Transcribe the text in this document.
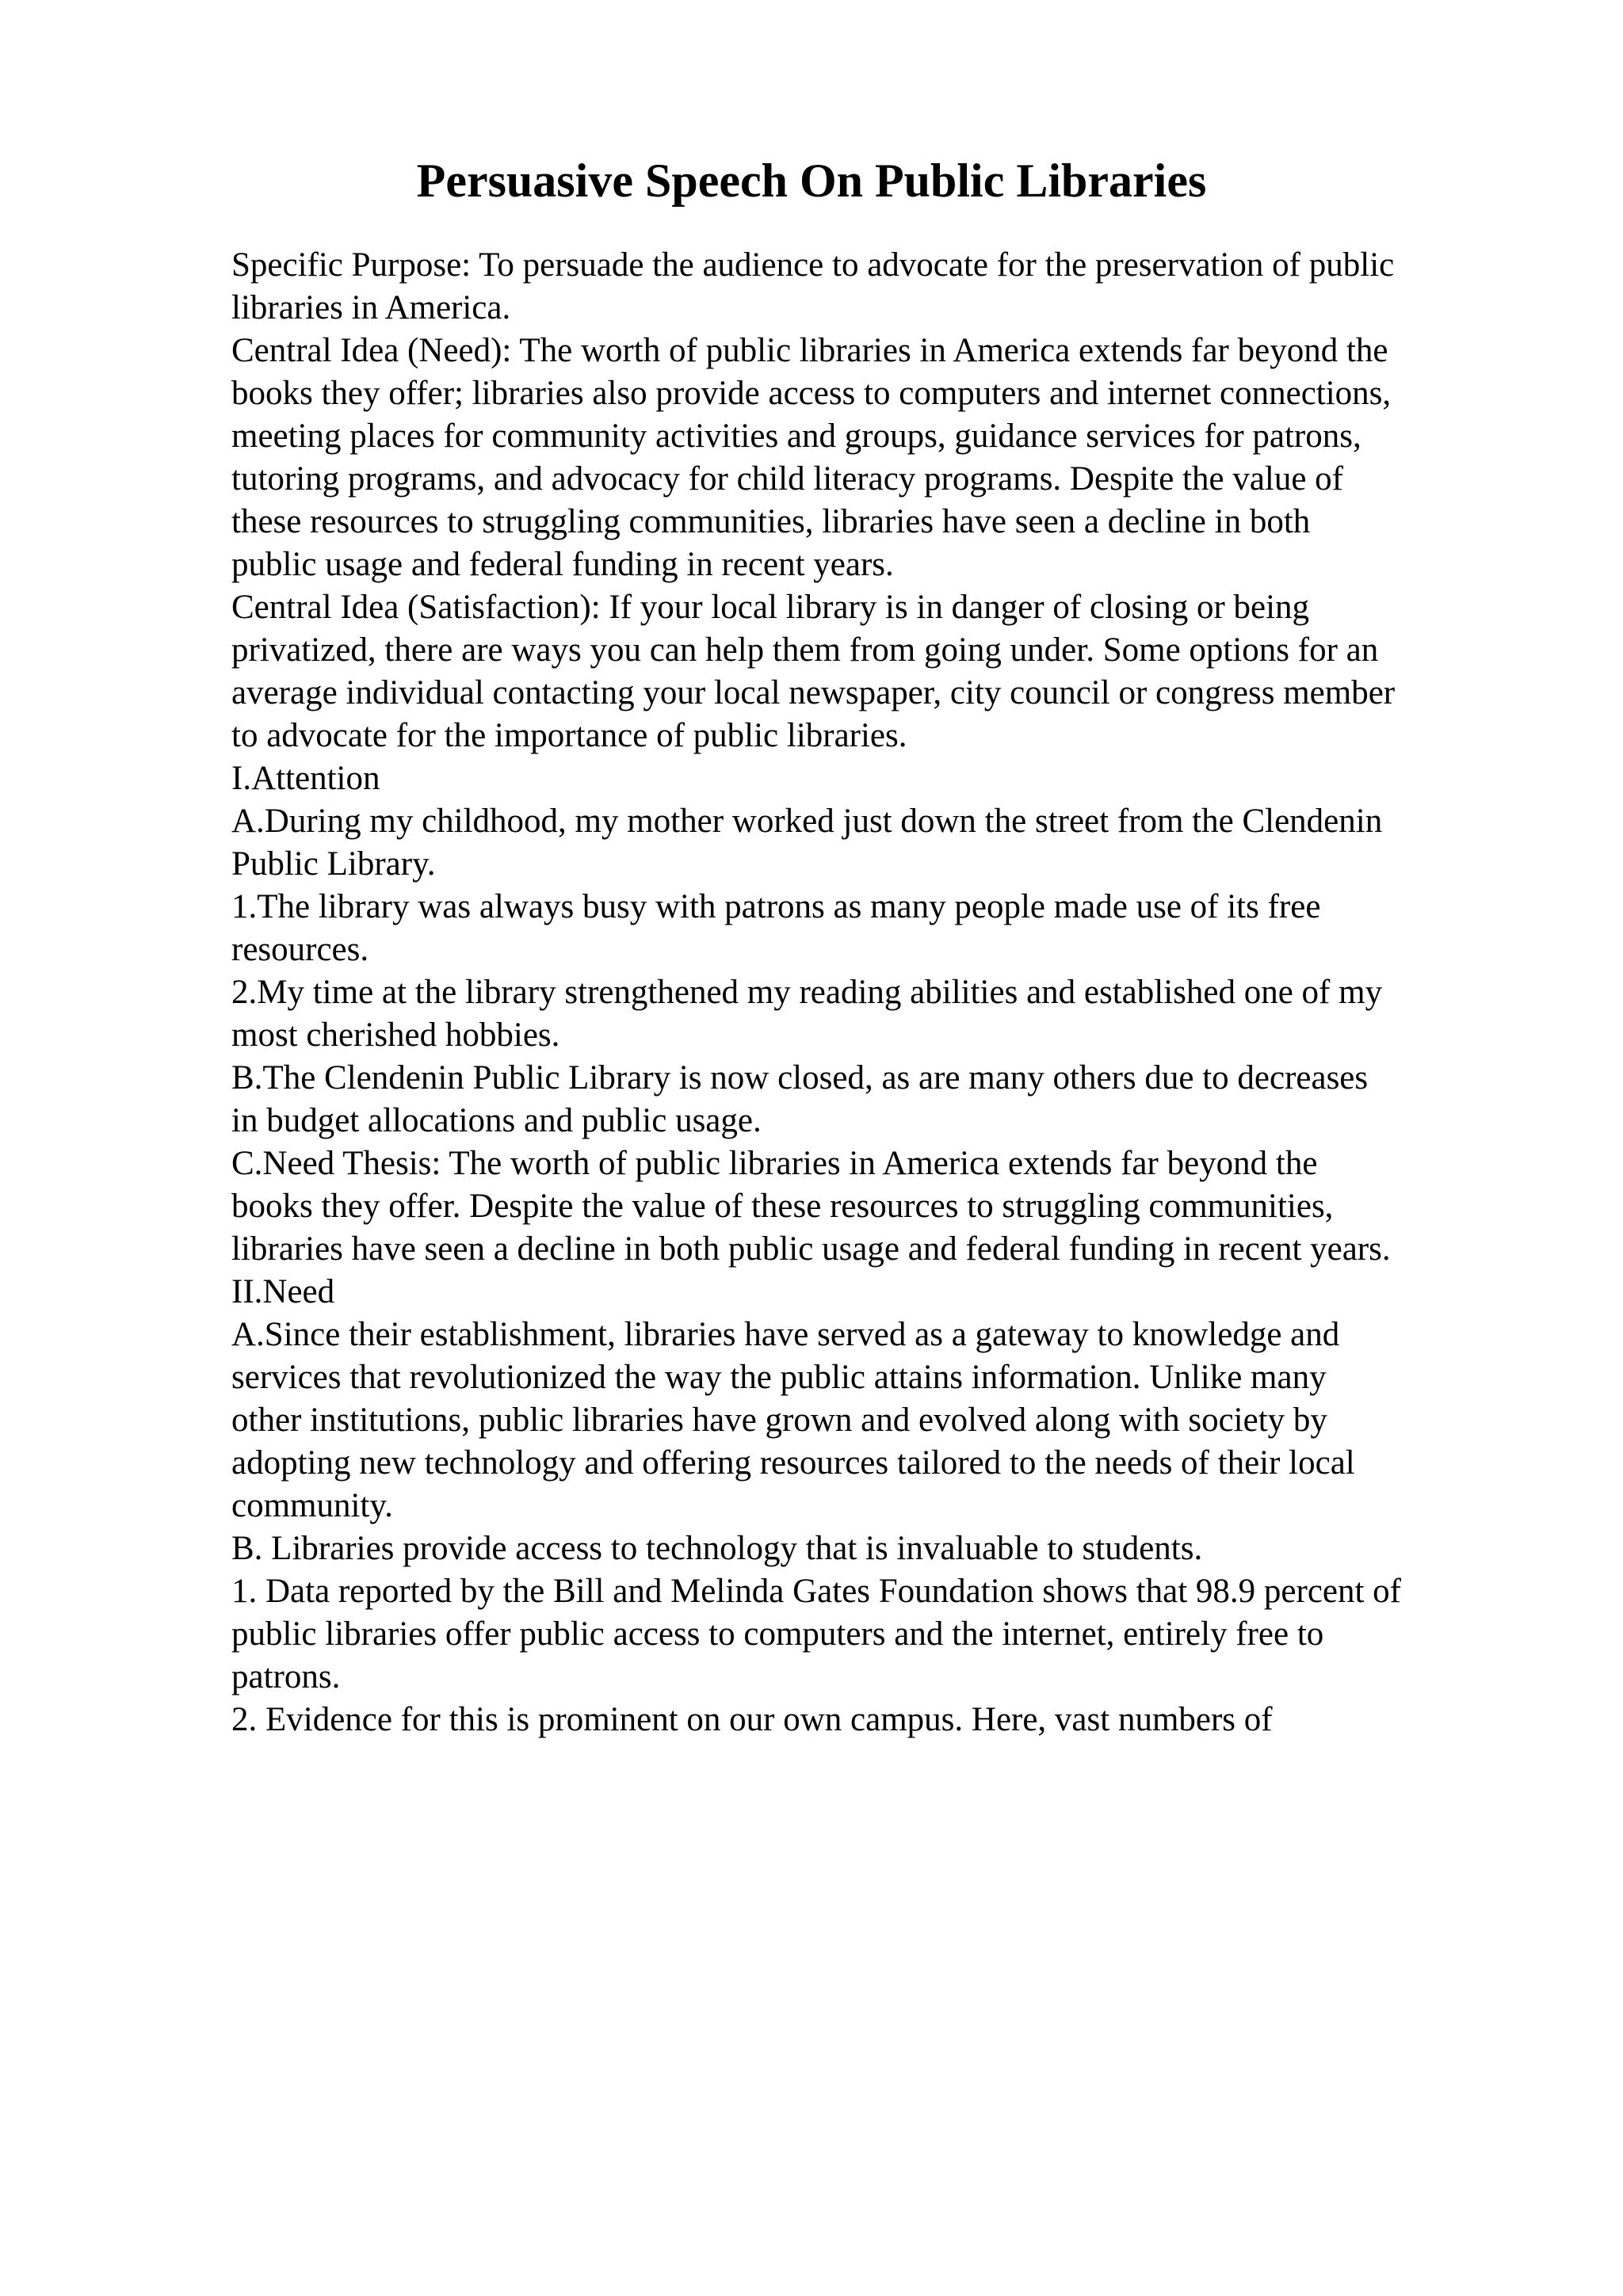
Persuasive Speech On Public Libraries
Specific Purpose: To persuade the audience to advocate for the preservation of public
libraries in America.
Central Idea (Need): The worth of public libraries in America extends far beyond the
books they offer; libraries also provide access to computers and internet connections,
meeting places for community activities and groups, guidance services for patrons,
tutoring programs, and advocacy for child literacy programs. Despite the value of
these resources to struggling communities, libraries have seen a decline in both
public usage and federal funding in recent years.
Central Idea (Satisfaction): If your local library is in danger of closing or being
privatized, there are ways you can help them from going under. Some options for an
average individual contacting your local newspaper, city council or congress member
to advocate for the importance of public libraries.
I.Attention
A.During my childhood, my mother worked just down the street from the Clendenin
Public Library.
1.The library was always busy with patrons as many people made use of its free
resources.
2.My time at the library strengthened my reading abilities and established one of my
most cherished hobbies.
B.The Clendenin Public Library is now closed, as are many others due to decreases
in budget allocations and public usage.
C.Need Thesis: The worth of public libraries in America extends far beyond the
books they offer. Despite the value of these resources to struggling communities,
libraries have seen a decline in both public usage and federal funding in recent years.
II.Need
A.Since their establishment, libraries have served as a gateway to knowledge and
services that revolutionized the way the public attains information. Unlike many
other institutions, public libraries have grown and evolved along with society by
adopting new technology and offering resources tailored to the needs of their local
community.
B. Libraries provide access to technology that is invaluable to students.
1. Data reported by the Bill and Melinda Gates Foundation shows that 98.9 percent of
public libraries offer public access to computers and the internet, entirely free to
patrons.
2. Evidence for this is prominent on our own campus. Here, vast numbers of
